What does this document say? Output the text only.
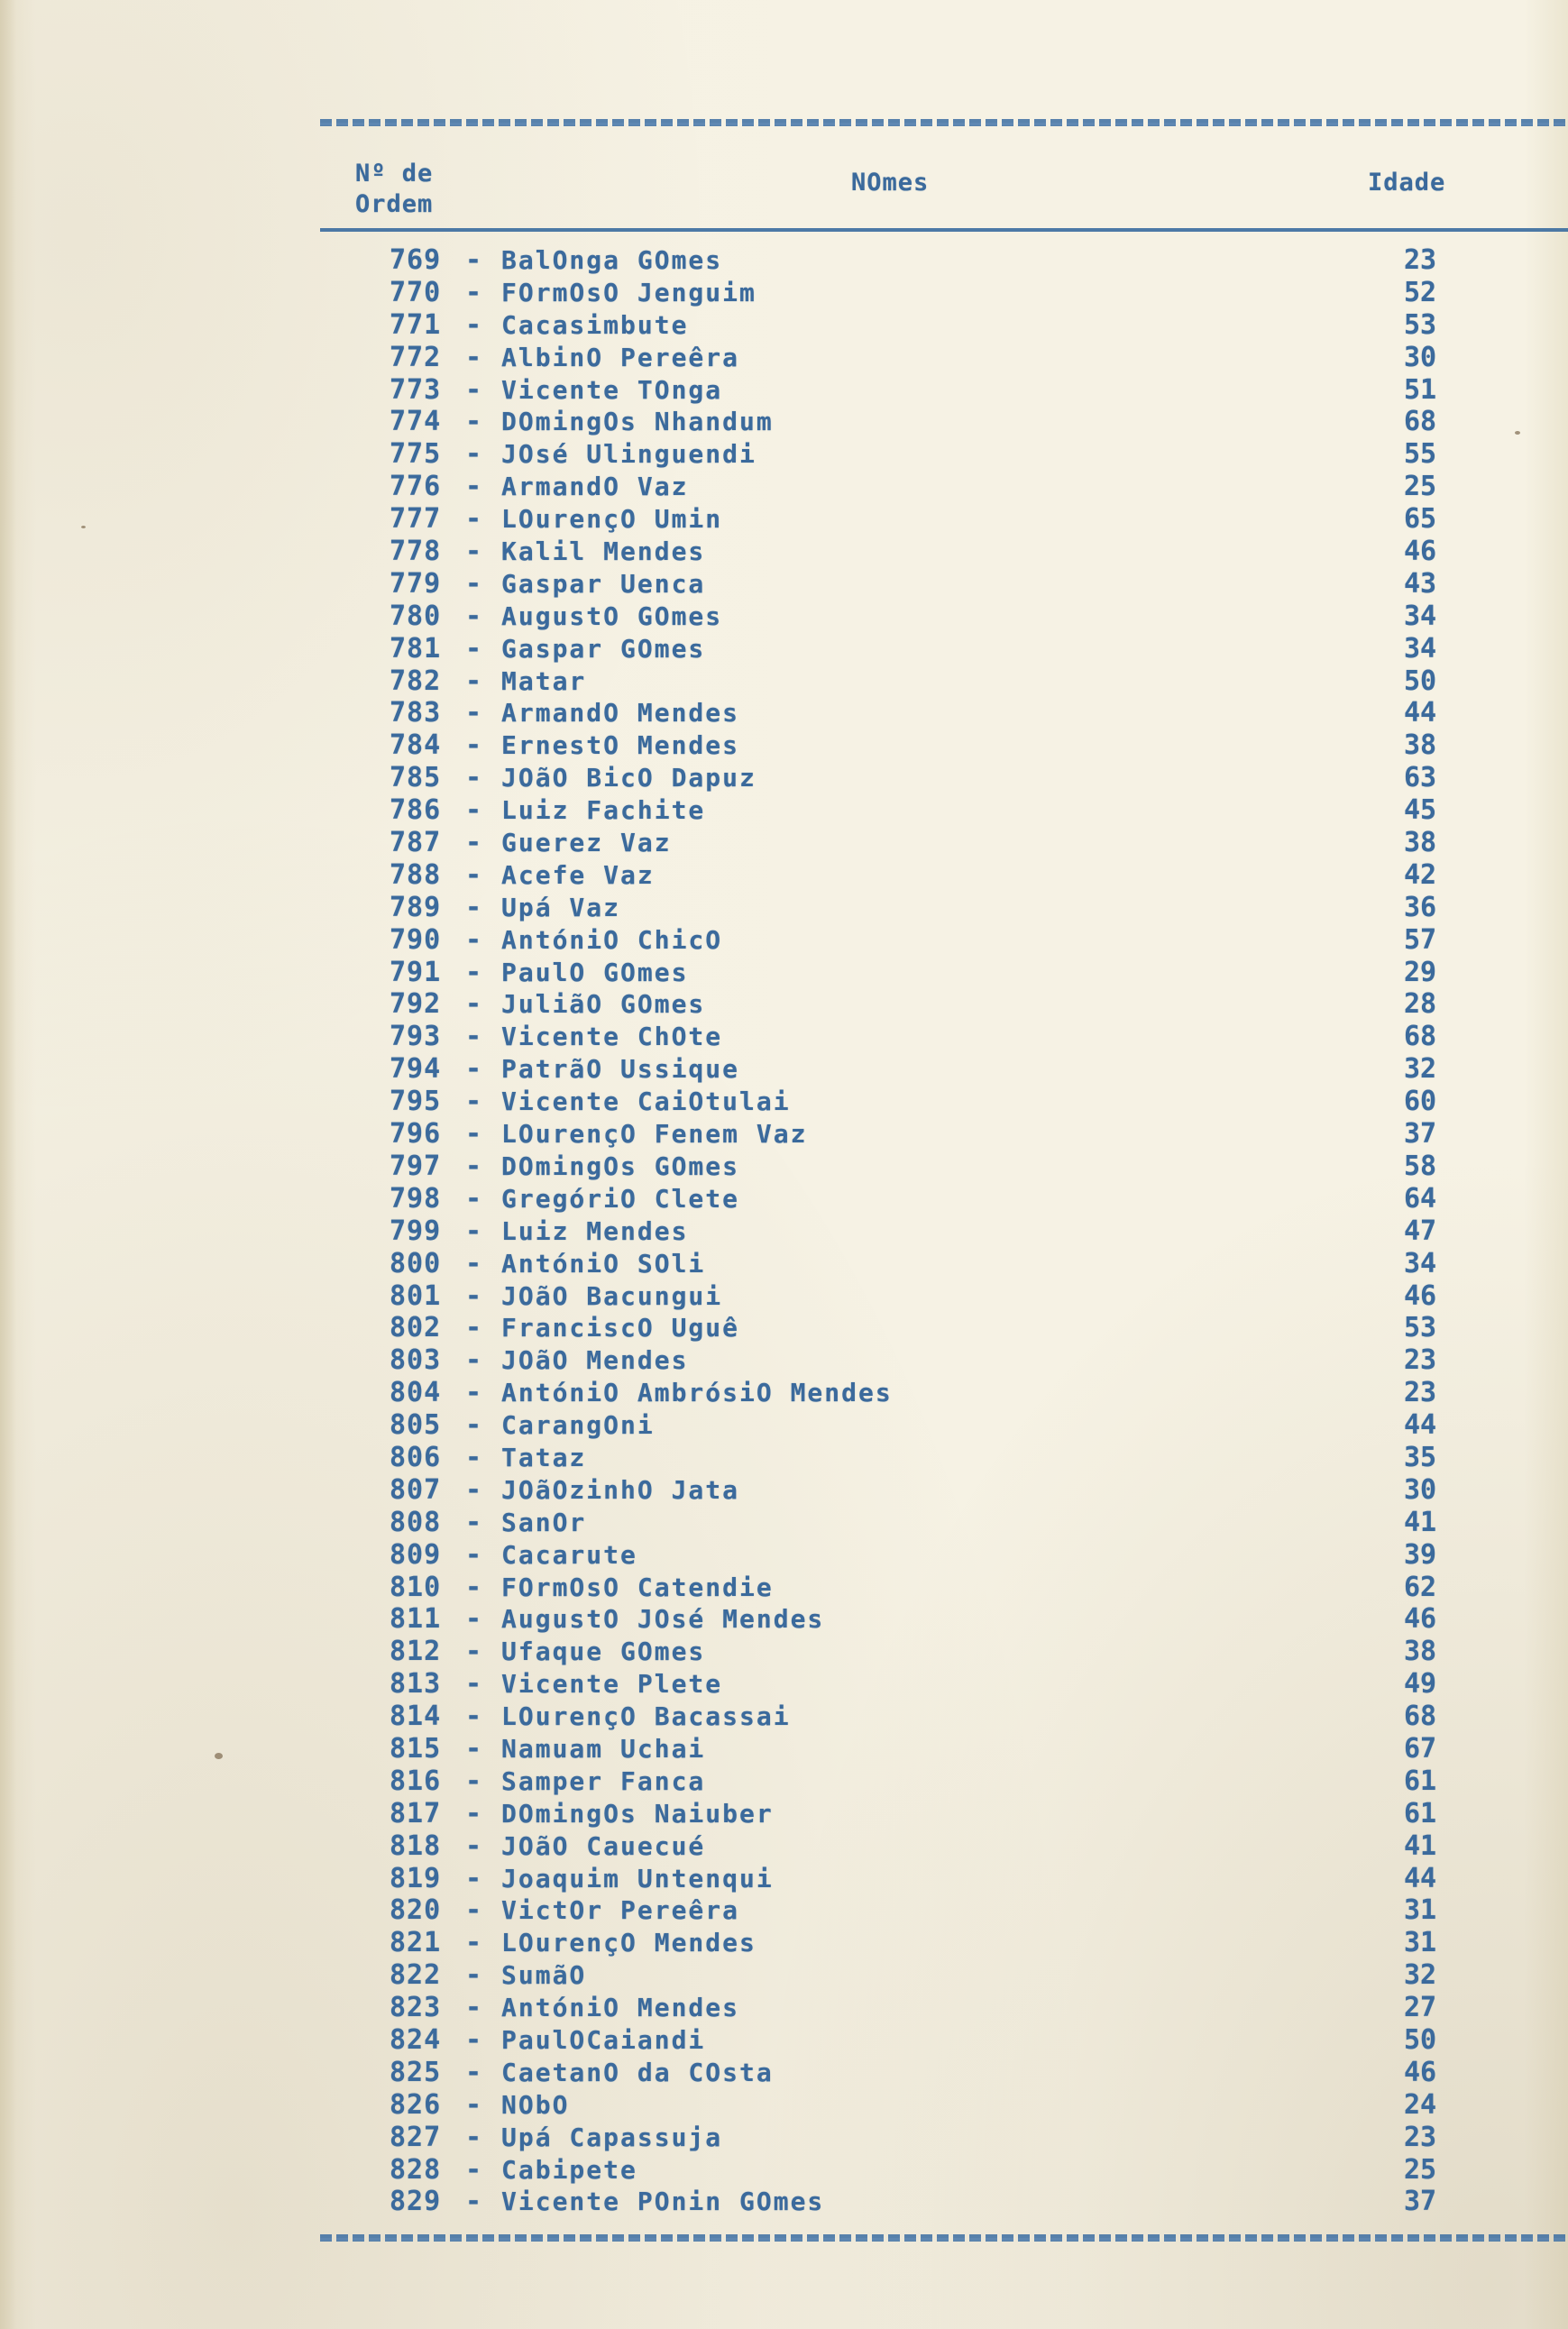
Nº de
Ordem
NOmes	Idade
769 - BalOnga GOmes	23
770 - FOrmOsO Jenguim	52
771 - Cacasimbute	53
772 - AlbinO Pereêra	30
773 - Vicente TOnga	51
774 - DOmingOs Nhandum	68
775 - JOsé Ulinguendi	55
776 - ArmandO Vaz	25
777 - LOurençO Umin	65
778 - Kalil Mendes	46
779 - Gaspar Uenca	43
780 - AugustO GOmes	34
781 - Gaspar GOmes	34
782 - Matar	50
783 - ArmandO Mendes	44
784 - ErnestO Mendes	38
785 - JOãO BicO Dapuz	63
786 - Luiz Fachite	45
787 - Guerez Vaz	38
788 - Acefe Vaz	42
789 - Upá Vaz	36
790 - AntóniO ChicO	57
791 - PaulO GOmes	29
792 - JuliãO GOmes	28
793 - Vicente ChOte	68
794 - PatrãO Ussique	32
795 - Vicente CaiOtulai	60
796 - LOurençO Fenem Vaz	37
797 - DOmingOs GOmes	58
798 - GregóriO Clete	64
799 - Luiz Mendes	47
800 - AntóniO SOli	34
801 - JOãO Bacungui	46
802 - FranciscO Uguê	53
803 - JOãO Mendes	23
804 - AntóniO AmbrósiO Mendes	23
805 - CarangOni	44
806 - Tataz	35
807 - JOãOzinhO Jata	30
808 - SanOr	41
809 - Cacarute	39
810 - FOrmOsO Catendie	62
811 - AugustO JOsé Mendes	46
812 - Ufaque GOmes	38
813 - Vicente Plete	49
814 - LOurençO Bacassai	68
815 - Namuam Uchai	67
816 - Samper Fanca	61
817 - DOmingOs Naiuber	61
818 - JOãO Cauecué	41
819 - Joaquim Untenqui	44
820 - VictOr Pereêra	31
821 - LOurençO Mendes	31
822 - SumãO	32
823 - AntóniO Mendes	27
824 - PaulOCaiandi	50
825 - CaetanO da COsta	46
826 - NObO	24
827 - Upá Capassuja	23
828 - Cabipete	25
829 - Vicente POnin GOmes	37
